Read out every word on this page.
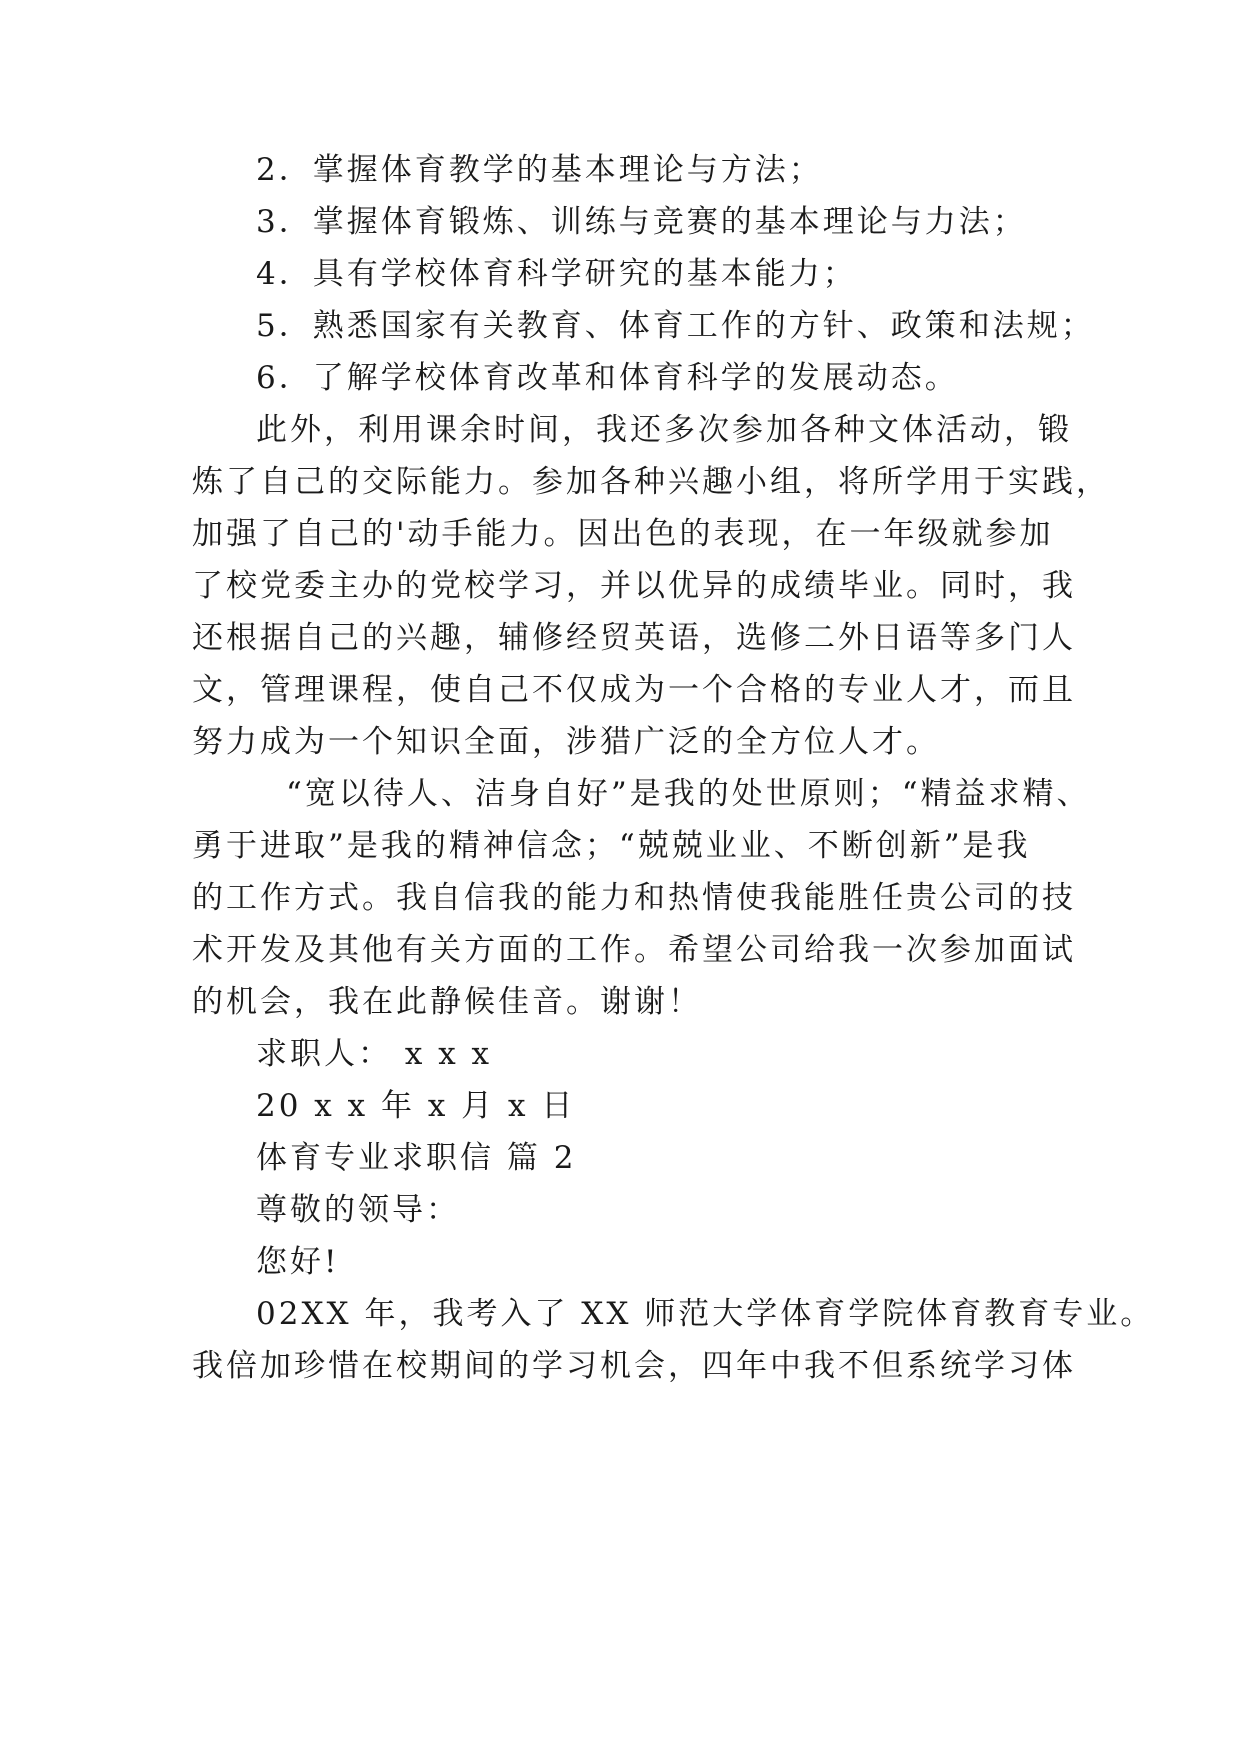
2．掌握体育教学的基本理论与方法；
3．掌握体育锻炼、训练与竞赛的基本理论与力法；
4．具有学校体育科学研究的基本能力；
5．熟悉国家有关教育、体育工作的方针、政策和法规；
6．了解学校体育改革和体育科学的发展动态。
此外，利用课余时间，我还多次参加各种文体活动，锻
炼了自己的交际能力。参加各种兴趣小组，将所学用于实践，
加强了自己的'动手能力。因出色的表现，在一年级就参加
了校党委主办的党校学习，并以优异的成绩毕业。同时，我
还根据自己的兴趣，辅修经贸英语，选修二外日语等多门人
文，管理课程，使自己不仅成为一个合格的专业人才，而且
努力成为一个知识全面，涉猎广泛的全方位人才。
“宽以待人、洁身自好”是我的处世原则；“精益求精、
勇于进取”是我的精神信念；“兢兢业业、不断创新”是我
的工作方式。我自信我的能力和热情使我能胜任贵公司的技
术开发及其他有关方面的工作。希望公司给我一次参加面试
的机会，我在此静候佳音。谢谢！
求职人： x x x
20 x x 年 x 月 x 日
体育专业求职信 篇 2
尊敬的领导：
您好!
02XX 年，我考入了 XX 师范大学体育学院体育教育专业。
我倍加珍惜在校期间的学习机会，四年中我不但系统学习体
